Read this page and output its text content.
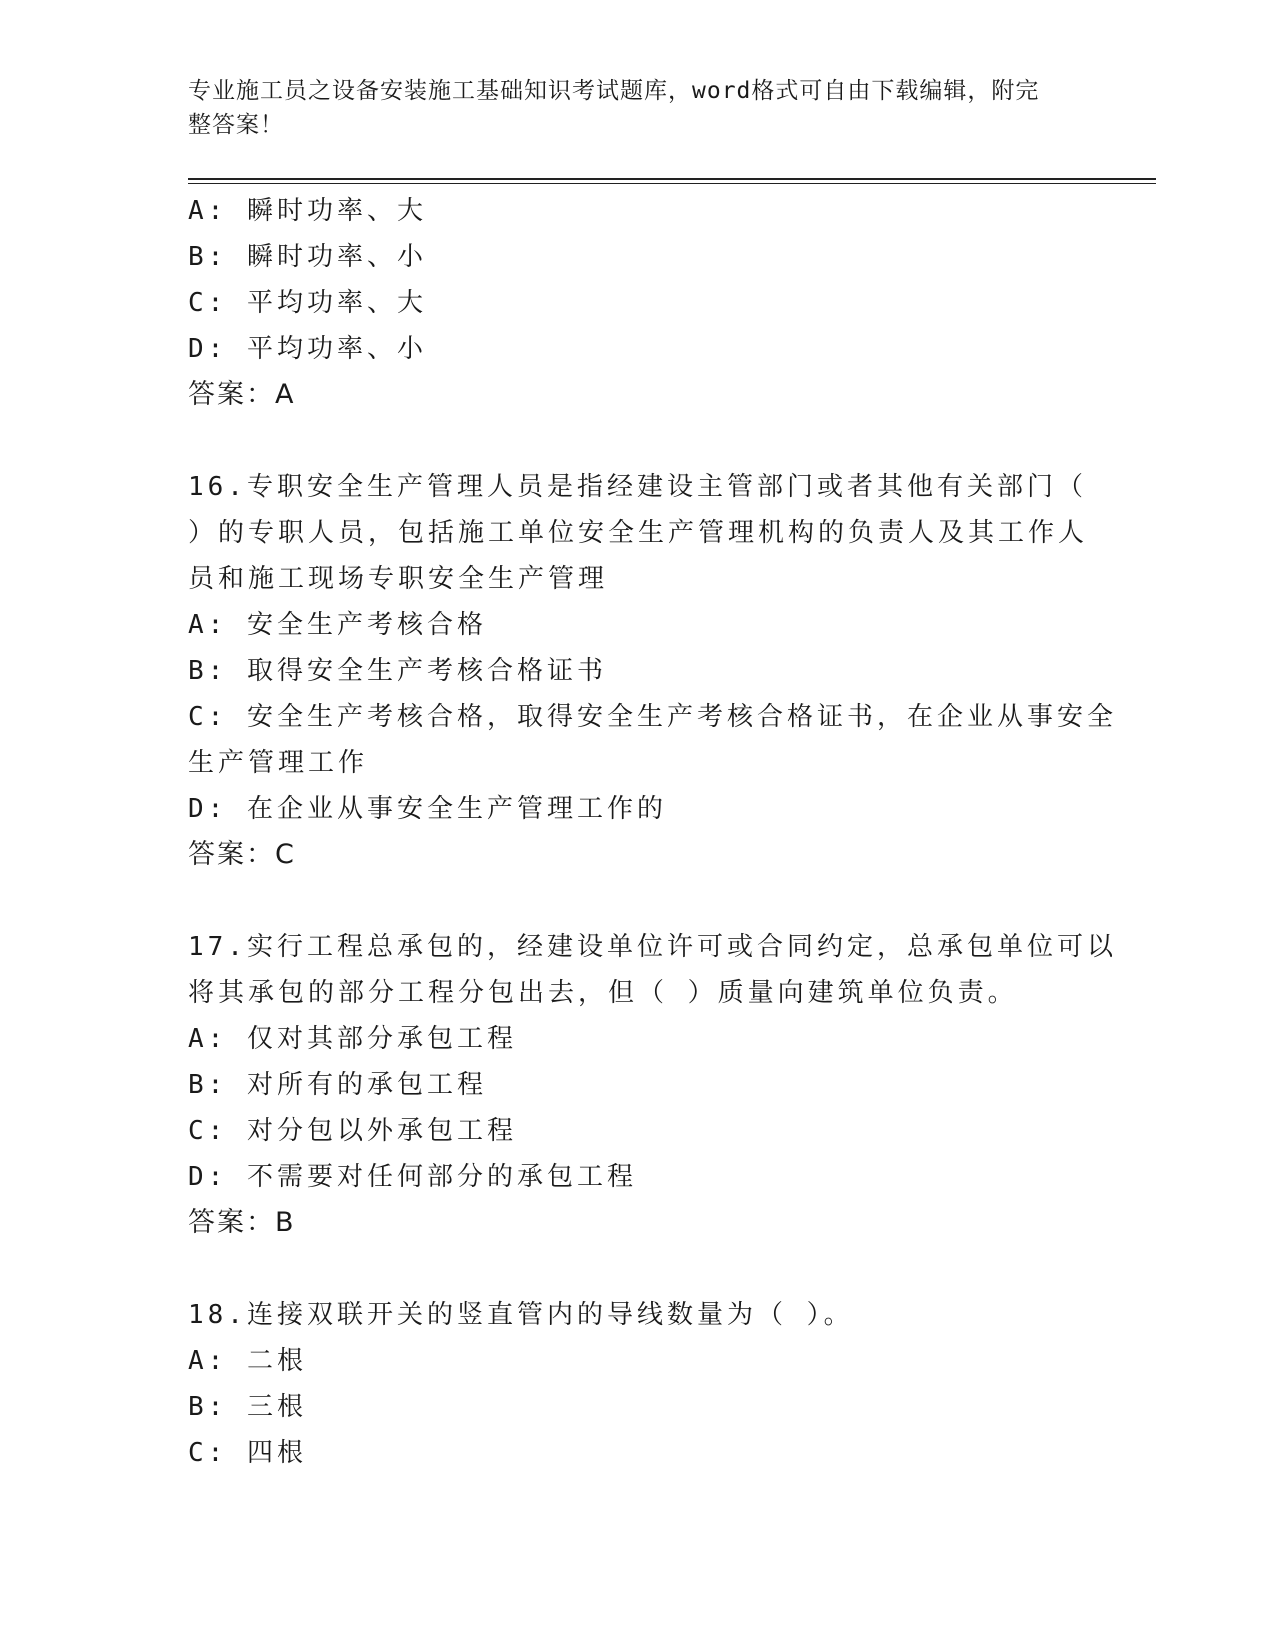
专业施工员之设备安装施工基础知识考试题库，word格式可自由下载编辑，附完
整答案！
A: 瞬时功率、大
B: 瞬时功率、小
C: 平均功率、大
D: 平均功率、小
答案：A
16.专职安全生产管理人员是指经建设主管部门或者其他有关部门（
）的专职人员，包括施工单位安全生产管理机构的负责人及其工作人
员和施工现场专职安全生产管理
A: 安全生产考核合格
B: 取得安全生产考核合格证书
C: 安全生产考核合格，取得安全生产考核合格证书，在企业从事安全
生产管理工作
D: 在企业从事安全生产管理工作的
答案：C
17.实行工程总承包的，经建设单位许可或合同约定，总承包单位可以
将其承包的部分工程分包出去，但（ ）质量向建筑单位负责。
A: 仅对其部分承包工程
B: 对所有的承包工程
C: 对分包以外承包工程
D: 不需要对任何部分的承包工程
答案：B
18.连接双联开关的竖直管内的导线数量为（ ）。
A: 二根
B: 三根
C: 四根
